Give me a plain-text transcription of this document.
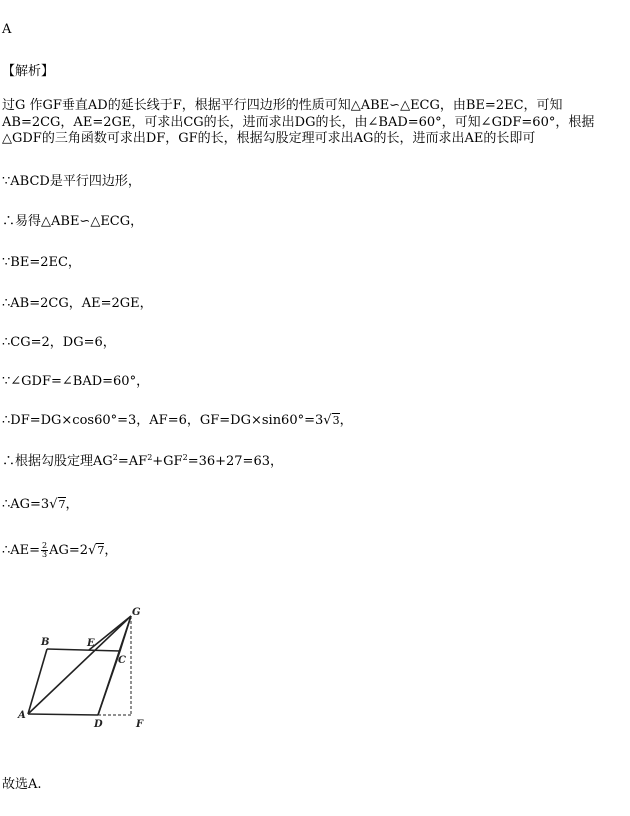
A
【解析】
过G 作GF垂直AD的延长线于F，根据平行四边形的性质可知△ABE∽△ECG，由BE=2EC，可知AB=2CG，AE=2GE，可求出CG的长，进而求出DG的长，由∠BAD=60°，可知∠GDF=60°，根据△GDF的三角函数可求出DF，GF的长，根据勾股定理可求出AG的长，进而求出AE的长即可
∵ABCD是平行四边形，
∴易得△ABE∽△ECG，
∵BE=2EC，
∴AB=2CG，AE=2GE，
∴CG=2，DG=6，
∵∠GDF=∠BAD=60°，
∴DF=DG×cos60°=3，AF=6，GF=DG×sin60°=3√3，
∴根据勾股定理$AG^2=AF^2+GF^2=36+27=63$，
∴AG=3√7，
∴AE= $\frac{2}{3} AG=2√7$，
A
B	E
C
G
D	F
故选A.
